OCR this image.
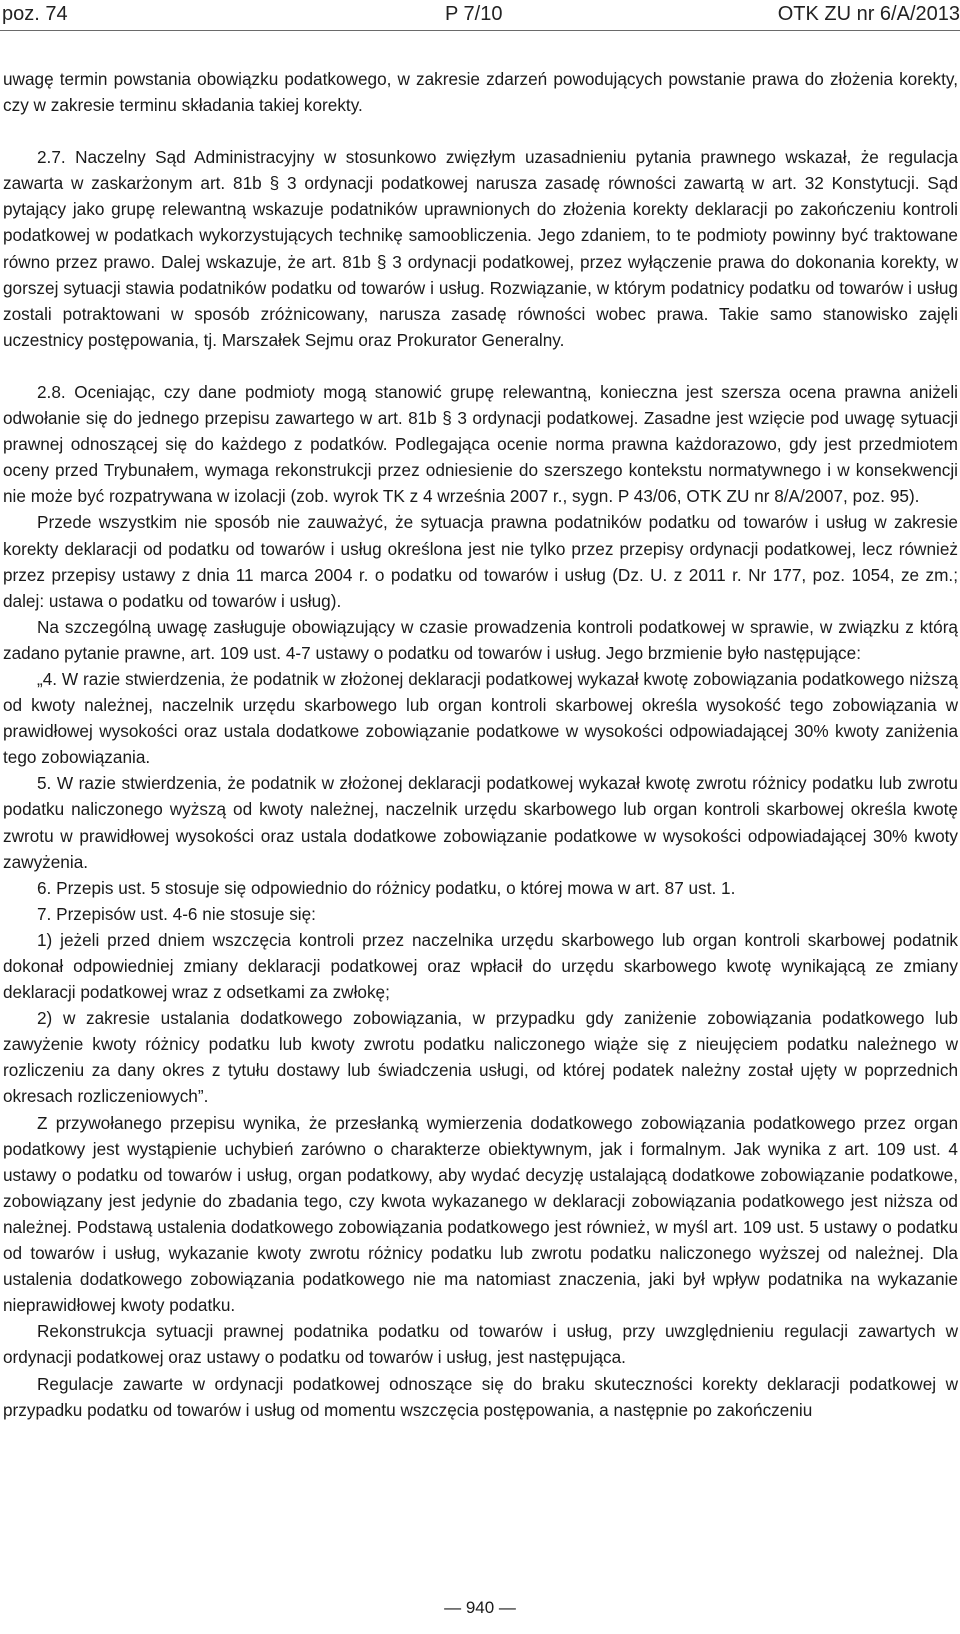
poz. 74	P 7/10	OTK ZU nr 6/A/2013

uwagę termin powstania obowiązku podatkowego, w zakresie zdarzeń powodujących powstanie prawa do złożenia korekty, czy w zakresie terminu składania takiej korekty.

2.7. Naczelny Sąd Administracyjny w stosunkowo zwięzłym uzasadnieniu pytania prawnego wskazał, że regulacja zawarta w zaskarżonym art. 81b § 3 ordynacji podatkowej narusza zasadę równości zawartą w art. 32 Konstytucji. Sąd pytający jako grupę relewantną wskazuje podatników uprawnionych do złożenia korekty deklaracji po zakończeniu kontroli podatkowej w podatkach wykorzystujących technikę samoobliczenia. Jego zdaniem, to te podmioty powinny być traktowane równo przez prawo. Dalej wskazuje, że art. 81b § 3 ordynacji podatkowej, przez wyłączenie prawa do dokonania korekty, w gorszej sytuacji stawia podatników podatku od towarów i usług. Rozwiązanie, w którym podatnicy podatku od towarów i usług zostali potraktowani w sposób zróżnicowany, narusza zasadę równości wobec prawa. Takie samo stanowisko zajęli uczestnicy postępowania, tj. Marszałek Sejmu oraz Prokurator Generalny.

2.8. Oceniając, czy dane podmioty mogą stanowić grupę relewantną, konieczna jest szersza ocena prawna aniżeli odwołanie się do jednego przepisu zawartego w art. 81b § 3 ordynacji podatkowej. Zasadne jest wzięcie pod uwagę sytuacji prawnej odnoszącej się do każdego z podatków. Podlegająca ocenie norma prawna każdorazowo, gdy jest przedmiotem oceny przed Trybunałem, wymaga rekonstrukcji przez odniesienie do szerszego kontekstu normatywnego i w konsekwencji nie może być rozpatrywana w izolacji (zob. wyrok TK z 4 września 2007 r., sygn. P 43/06, OTK ZU nr 8/A/2007, poz. 95).

Przede wszystkim nie sposób nie zauważyć, że sytuacja prawna podatników podatku od towarów i usług w zakresie korekty deklaracji od podatku od towarów i usług określona jest nie tylko przez przepisy ordynacji podatkowej, lecz również przez przepisy ustawy z dnia 11 marca 2004 r. o podatku od towarów i usług (Dz. U. z 2011 r. Nr 177, poz. 1054, ze zm.; dalej: ustawa o podatku od towarów i usług).

Na szczególną uwagę zasługuje obowiązujący w czasie prowadzenia kontroli podatkowej w sprawie, w związku z którą zadano pytanie prawne, art. 109 ust. 4-7 ustawy o podatku od towarów i usług. Jego brzmienie było następujące:

„4. W razie stwierdzenia, że podatnik w złożonej deklaracji podatkowej wykazał kwotę zobowiązania podatkowego niższą od kwoty należnej, naczelnik urzędu skarbowego lub organ kontroli skarbowej określa wysokość tego zobowiązania w prawidłowej wysokości oraz ustala dodatkowe zobowiązanie podatkowe w wysokości odpowiadającej 30% kwoty zaniżenia tego zobowiązania.

5. W razie stwierdzenia, że podatnik w złożonej deklaracji podatkowej wykazał kwotę zwrotu różnicy podatku lub zwrotu podatku naliczonego wyższą od kwoty należnej, naczelnik urzędu skarbowego lub organ kontroli skarbowej określa kwotę zwrotu w prawidłowej wysokości oraz ustala dodatkowe zobowiązanie podatkowe w wysokości odpowiadającej 30% kwoty zawyżenia.

6. Przepis ust. 5 stosuje się odpowiednio do różnicy podatku, o której mowa w art. 87 ust. 1.

7. Przepisów ust. 4-6 nie stosuje się:

1) jeżeli przed dniem wszczęcia kontroli przez naczelnika urzędu skarbowego lub organ kontroli skarbowej podatnik dokonał odpowiedniej zmiany deklaracji podatkowej oraz wpłacił do urzędu skarbowego kwotę wynikającą ze zmiany deklaracji podatkowej wraz z odsetkami za zwłokę;

2) w zakresie ustalania dodatkowego zobowiązania, w przypadku gdy zaniżenie zobowiązania podatkowego lub zawyżenie kwoty różnicy podatku lub kwoty zwrotu podatku naliczonego wiąże się z nieujęciem podatku należnego w rozliczeniu za dany okres z tytułu dostawy lub świadczenia usługi, od której podatek należny został ujęty w poprzednich okresach rozliczeniowych”.

Z przywołanego przepisu wynika, że przesłanką wymierzenia dodatkowego zobowiązania podatkowego przez organ podatkowy jest wystąpienie uchybień zarówno o charakterze obiektywnym, jak i formalnym. Jak wynika z art. 109 ust. 4 ustawy o podatku od towarów i usług, organ podatkowy, aby wydać decyzję ustalającą dodatkowe zobowiązanie podatkowe, zobowiązany jest jedynie do zbadania tego, czy kwota wykazanego w deklaracji zobowiązania podatkowego jest niższa od należnej. Podstawą ustalenia dodatkowego zobowiązania podatkowego jest również, w myśl art. 109 ust. 5 ustawy o podatku od towarów i usług, wykazanie kwoty zwrotu różnicy podatku lub zwrotu podatku naliczonego wyższej od należnej. Dla ustalenia dodatkowego zobowiązania podatkowego nie ma natomiast znaczenia, jaki był wpływ podatnika na wykazanie nieprawidłowej kwoty podatku.

Rekonstrukcja sytuacji prawnej podatnika podatku od towarów i usług, przy uwzględnieniu regulacji zawartych w ordynacji podatkowej oraz ustawy o podatku od towarów i usług, jest następująca.

Regulacje zawarte w ordynacji podatkowej odnoszące się do braku skuteczności korekty deklaracji podatkowej w przypadku podatku od towarów i usług od momentu wszczęcia postępowania, a następnie po zakończeniu

— 940 —
